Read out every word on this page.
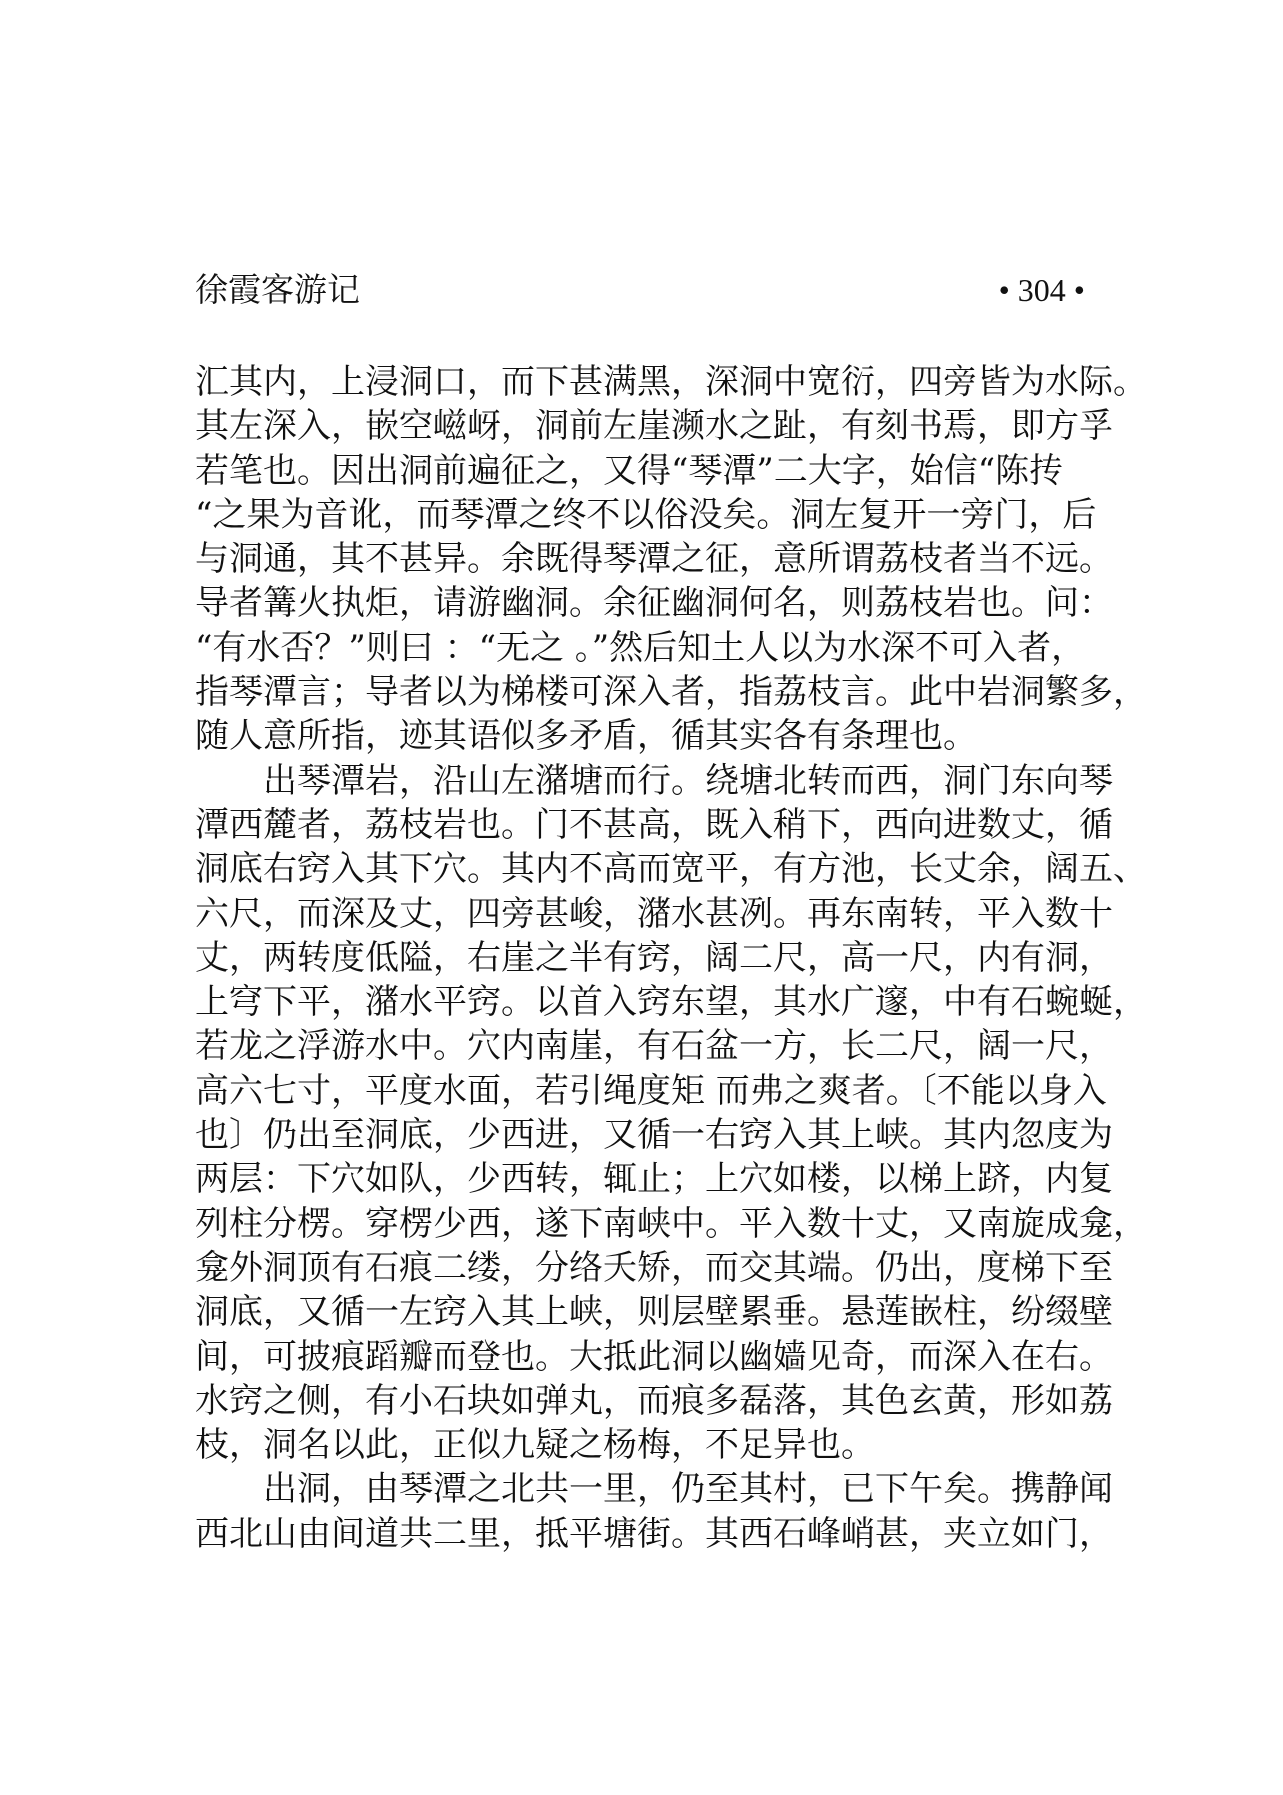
徐霞客游记	• 304 •
汇其内，上浸洞口，而下甚满黑，深洞中宽衍，四旁皆为水际。
其左深入，嵌空嵫岈，洞前左崖濒水之趾，有刻书焉，即方孚
若笔也。因出洞前遍征之，又得“琴潭”二大字，始信“陈抟
“之果为音讹，而琴潭之终不以俗没矣。洞左复开一旁门，后
与洞通，其不甚异。余既得琴潭之征，意所谓荔枝者当不远。
导者篝火执炬，请游幽洞。余征幽洞何名，则荔枝岩也。问：
“有水否？”则曰 ：“无之 。”然后知土人以为水深不可入者，
指琴潭言；导者以为梯楼可深入者，指荔枝言。此中岩洞繁多，
随人意所指，迹其语似多矛盾，循其实各有条理也。
出琴潭岩，沿山左潴塘而行。绕塘北转而西，洞门东向琴
潭西麓者，荔枝岩也。门不甚高，既入稍下，西向进数丈，循
洞底右窍入其下穴。其内不高而宽平，有方池，长丈余，阔五、
六尺，而深及丈，四旁甚峻，潴水甚冽。再东南转，平入数十
丈，两转度低隘，右崖之半有窍，阔二尺，高一尺，内有洞，
上穹下平，潴水平窍。以首入窍东望，其水广邃，中有石蜿蜒，
若龙之浮游水中。穴内南崖，有石盆一方，长二尺，阔一尺，
高六七寸，平度水面，若引绳度矩 而弗之爽者。〔不能以身入
也〕仍出至洞底，少西进，又循一右窍入其上峡。其内忽庋为
两层：下穴如队，少西转，辄止；上穴如楼，以梯上跻，内复
列柱分楞。穿楞少西，遂下南峡中。平入数十丈，又南旋成龛，
龛外洞顶有石痕二缕，分络夭矫，而交其端。仍出，度梯下至
洞底，又循一左窍入其上峡，则层壁累垂。悬莲嵌柱，纷缀壁
间，可披痕蹈瓣而登也。大抵此洞以幽嫱见奇，而深入在右。
水窍之侧，有小石块如弹丸，而痕多磊落，其色玄黄，形如荔
枝，洞名以此，正似九疑之杨梅，不足异也。
出洞，由琴潭之北共一里，仍至其村，已下午矣。携静闻
西北山由间道共二里，抵平塘街。其西石峰峭甚，夹立如门，
